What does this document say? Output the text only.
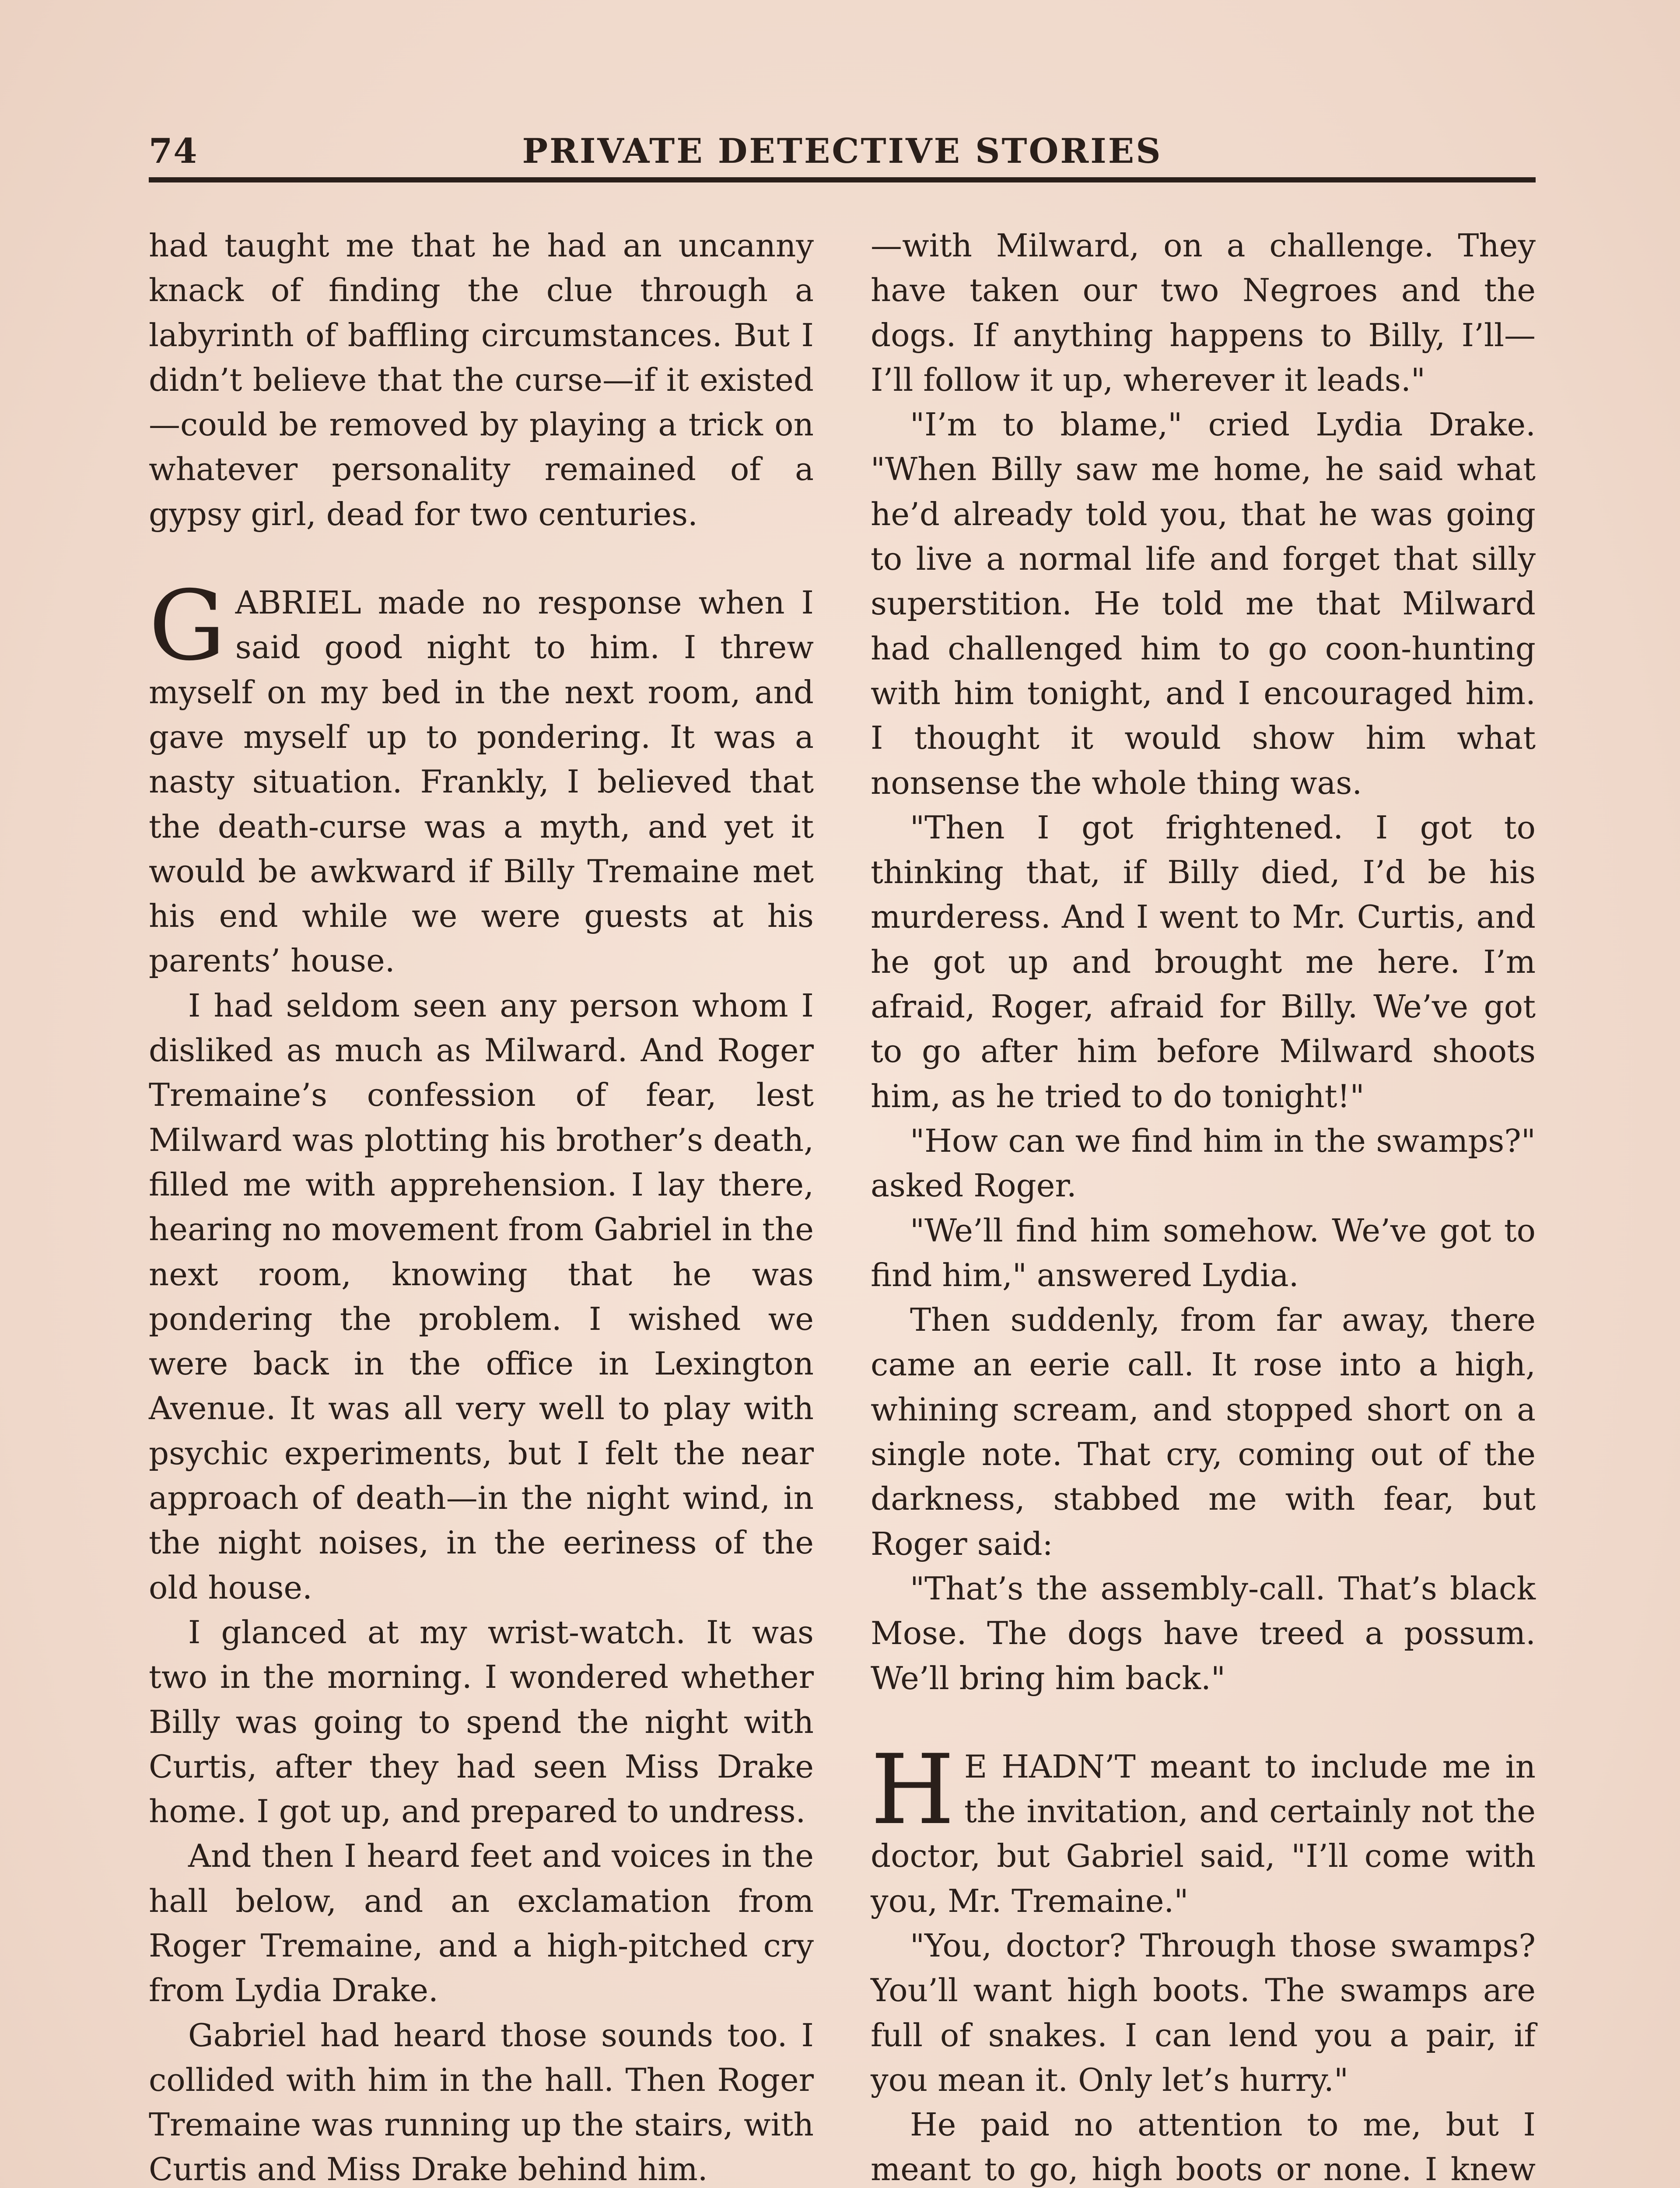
74	PRIVATE DETECTIVE STORIES

had taught me that he had an uncanny knack of finding the clue through a labyrinth of baffling circumstances. But I didn’t believe that the curse—if it existed—could be removed by playing a trick on whatever personality remained of a gypsy girl, dead for two centuries.

GABRIEL made no response when I said good night to him. I threw myself on my bed in the next room, and gave myself up to pondering. It was a nasty situation. Frankly, I believed that the death-curse was a myth, and yet it would be awkward if Billy Tremaine met his end while we were guests at his parents’ house.

I had seldom seen any person whom I disliked as much as Milward. And Roger Tremaine’s confession of fear, lest Milward was plotting his brother’s death, filled me with apprehension. I lay there, hearing no movement from Gabriel in the next room, knowing that he was pondering the problem. I wished we were back in the office in Lexington Avenue. It was all very well to play with psychic experiments, but I felt the near approach of death—in the night wind, in the night noises, in the eeriness of the old house.

I glanced at my wrist-watch. It was two in the morning. I wondered whether Billy was going to spend the night with Curtis, after they had seen Miss Drake home. I got up, and prepared to undress.

And then I heard feet and voices in the hall below, and an exclamation from Roger Tremaine, and a high-pitched cry from Lydia Drake.

Gabriel had heard those sounds too. I collided with him in the hall. Then Roger Tremaine was running up the stairs, with Curtis and Miss Drake behind him.

—with Milward, on a challenge. They have taken our two Negroes and the dogs. If anything happens to Billy, I’ll—I’ll follow it up, wherever it leads."

"I’m to blame," cried Lydia Drake. "When Billy saw me home, he said what he’d already told you, that he was going to live a normal life and forget that silly superstition. He told me that Milward had challenged him to go coon-hunting with him tonight, and I encouraged him. I thought it would show him what nonsense the whole thing was.

"Then I got frightened. I got to thinking that, if Billy died, I’d be his murderess. And I went to Mr. Curtis, and he got up and brought me here. I’m afraid, Roger, afraid for Billy. We’ve got to go after him before Milward shoots him, as he tried to do tonight!"

"How can we find him in the swamps?" asked Roger.

"We’ll find him somehow. We’ve got to find him," answered Lydia.

Then suddenly, from far away, there came an eerie call. It rose into a high, whining scream, and stopped short on a single note. That cry, coming out of the darkness, stabbed me with fear, but Roger said:

"That’s the assembly-call. That’s black Mose. The dogs have treed a possum. We’ll bring him back."

H E HADN’T meant to include me in the invitation, and certainly not the doctor, but Gabriel said, "I’ll come with you, Mr. Tremaine."

"You, doctor? Through those swamps? You’ll want high boots. The swamps are full of snakes. I can lend you a pair, if you mean it. Only let’s hurry."

He paid no attention to me, but I meant to go, high boots or none. I knew
